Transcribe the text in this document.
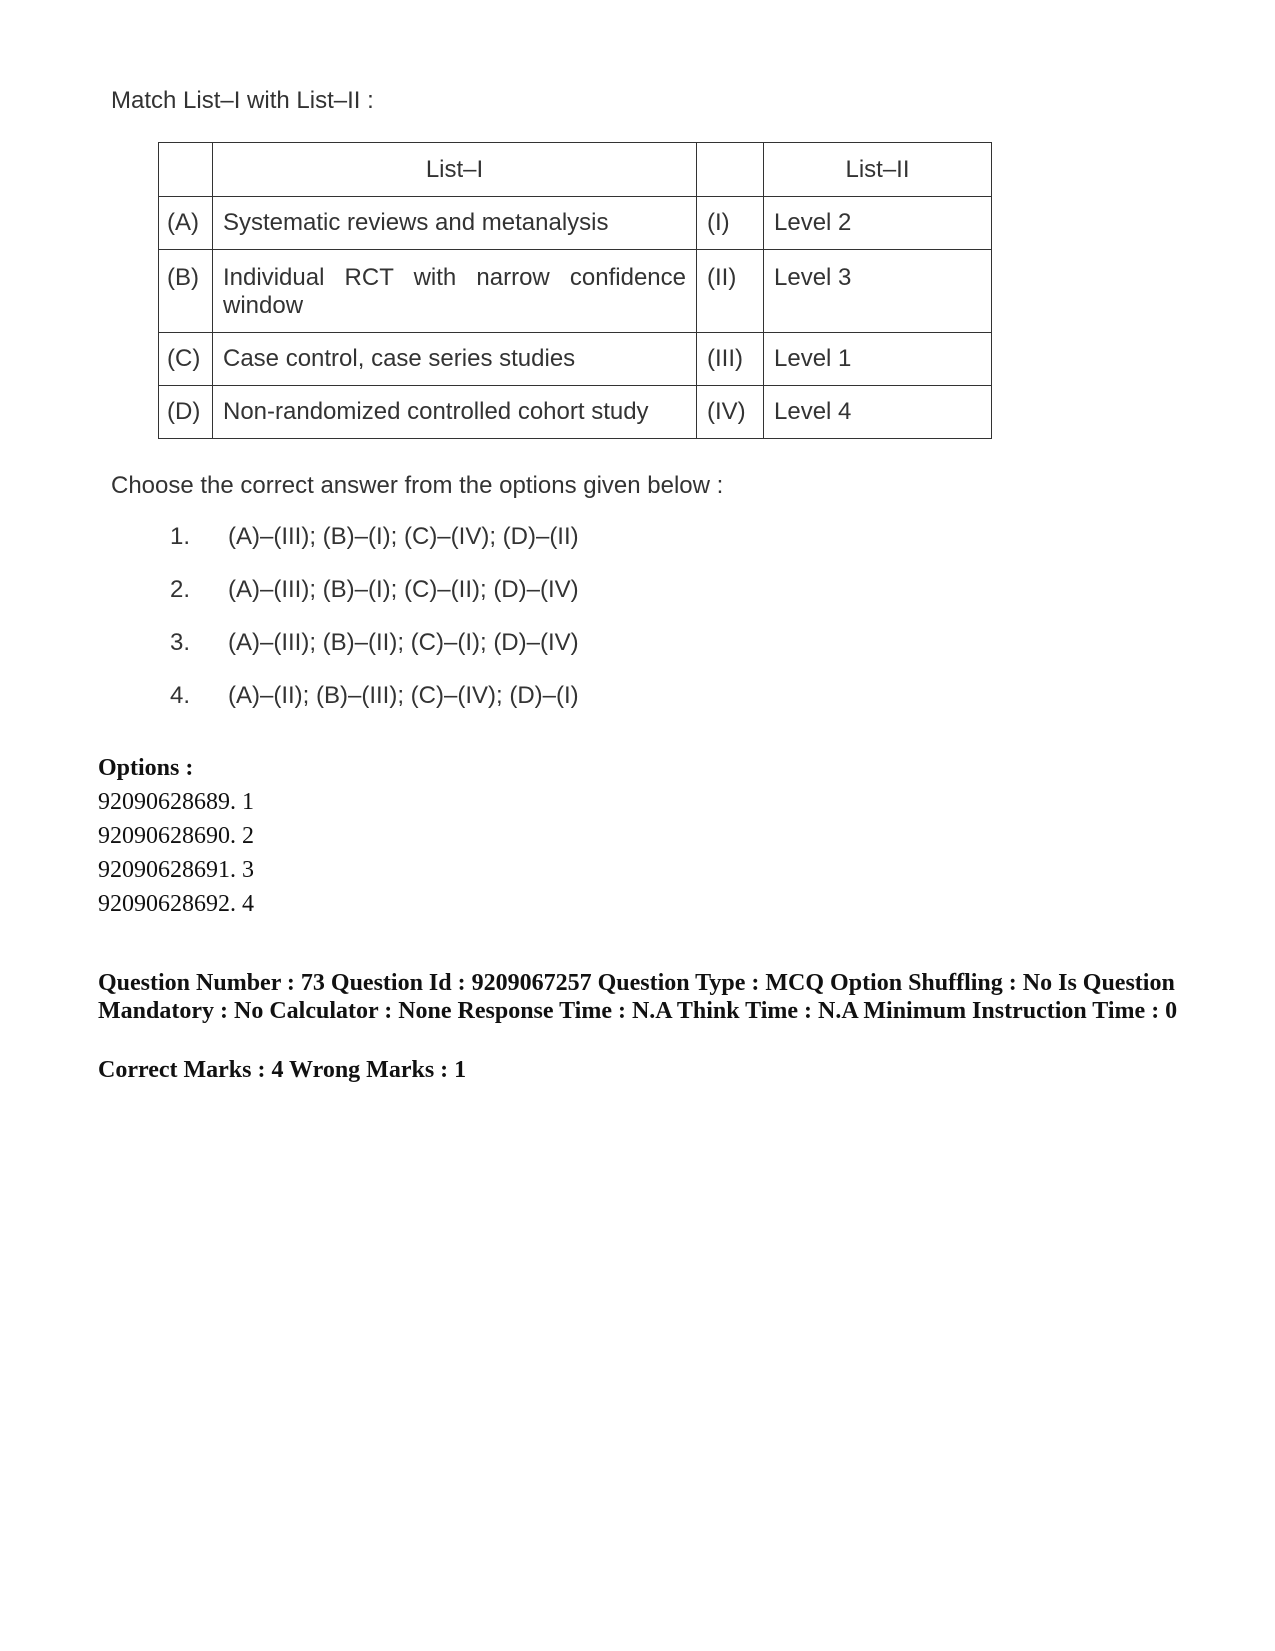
Match List–I with List–II :
	List–I		List–II
(A)	Systematic reviews and metanalysis	(I)	Level 2
(B)	Individual RCT with narrow confidence window	(II)	Level 3
(C)	Case control, case series studies	(III)	Level 1
(D)	Non-randomized controlled cohort study	(IV)	Level 4
Choose the correct answer from the options given below :
1.	(A)–(III); (B)–(I); (C)–(IV); (D)–(II)
2.	(A)–(III); (B)–(I); (C)–(II); (D)–(IV)
3.	(A)–(III); (B)–(II); (C)–(I); (D)–(IV)
4.	(A)–(II); (B)–(III); (C)–(IV); (D)–(I)
Options :
92090628689. 1
92090628690. 2
92090628691. 3
92090628692. 4
Question Number : 73 Question Id : 9209067257 Question Type : MCQ Option Shuffling : No Is Question Mandatory : No Calculator : None Response Time : N.A Think Time : N.A Minimum Instruction Time : 0
Correct Marks : 4 Wrong Marks : 1
